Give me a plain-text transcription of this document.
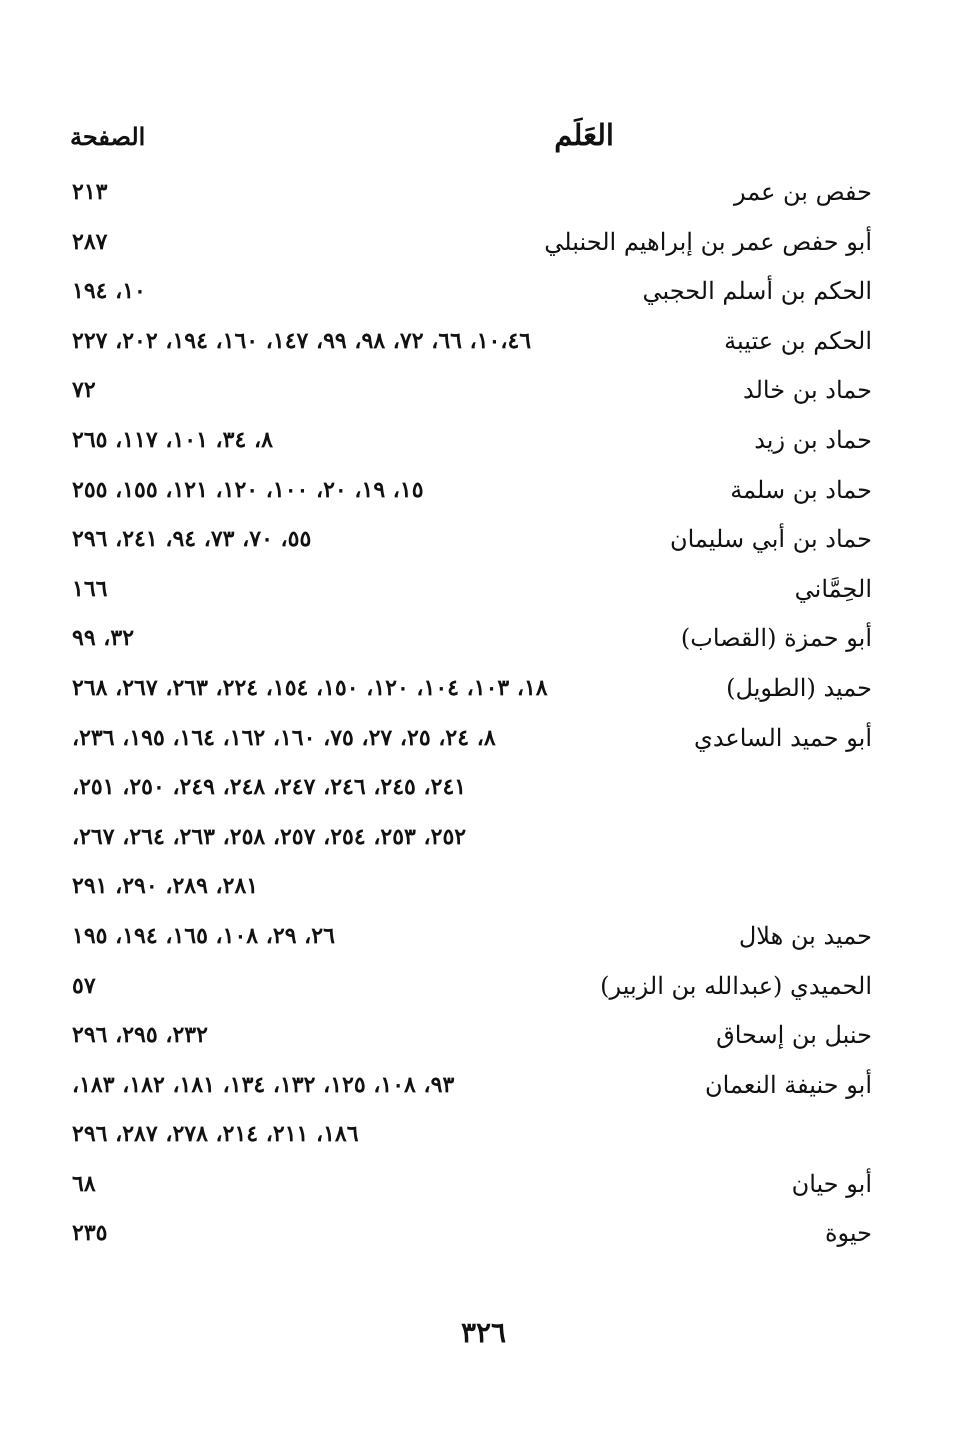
العَلَم
الصفحة
حفص بن عمر
٢١٣
أبو حفص عمر بن إبراهيم الحنبلي
٢٨٧
الحكم بن أسلم الحجبي
١٠، ١٩٤
الحكم بن عتيبة
١٠،٤٦، ٦٦، ٧٢، ٩٨، ٩٩، ١٤٧، ١٦٠، ١٩٤، ٢٠٢، ٢٢٧
حماد بن خالد
٧٢
حماد بن زيد
٨، ٣٤، ١٠١، ١١٧، ٢٦٥
حماد بن سلمة
١٥، ١٩، ٢٠، ١٠٠، ١٢٠، ١٢١، ١٥٥، ٢٥٥
حماد بن أبي سليمان
٥٥، ٧٠، ٧٣، ٩٤، ٢٤١، ٢٩٦
الحِمَّاني
١٦٦
أبو حمزة (القصاب)
٣٢، ٩٩
حميد (الطويل)
١٨، ١٠٣، ١٠٤، ١٢٠، ١٥٠، ١٥٤، ٢٢٤، ٢٦٣، ٢٦٧، ٢٦٨
أبو حميد الساعدي
٨، ٢٤، ٢٥، ٢٧، ٧٥، ١٦٠، ١٦٢، ١٦٤، ١٩٥، ٢٣٦،
٢٤١، ٢٤٥، ٢٤٦، ٢٤٧، ٢٤٨، ٢٤٩، ٢٥٠، ٢٥١،
٢٥٢، ٢٥٣، ٢٥٤، ٢٥٧، ٢٥٨، ٢٦٣، ٢٦٤، ٢٦٧،
٢٨١، ٢٨٩، ٢٩٠، ٢٩١
حميد بن هلال
٢٦، ٢٩، ١٠٨، ١٦٥، ١٩٤، ١٩٥
الحميدي (عبدالله بن الزبير)
٥٧
حنبل بن إسحاق
٢٣٢، ٢٩٥، ٢٩٦
أبو حنيفة النعمان
٩٣، ١٠٨، ١٢٥، ١٣٢، ١٣٤، ١٨١، ١٨٢، ١٨٣،
١٨٦، ٢١١، ٢١٤، ٢٧٨، ٢٨٧، ٢٩٦
أبو حيان
٦٨
حيوة
٢٣٥
٣٢٦
